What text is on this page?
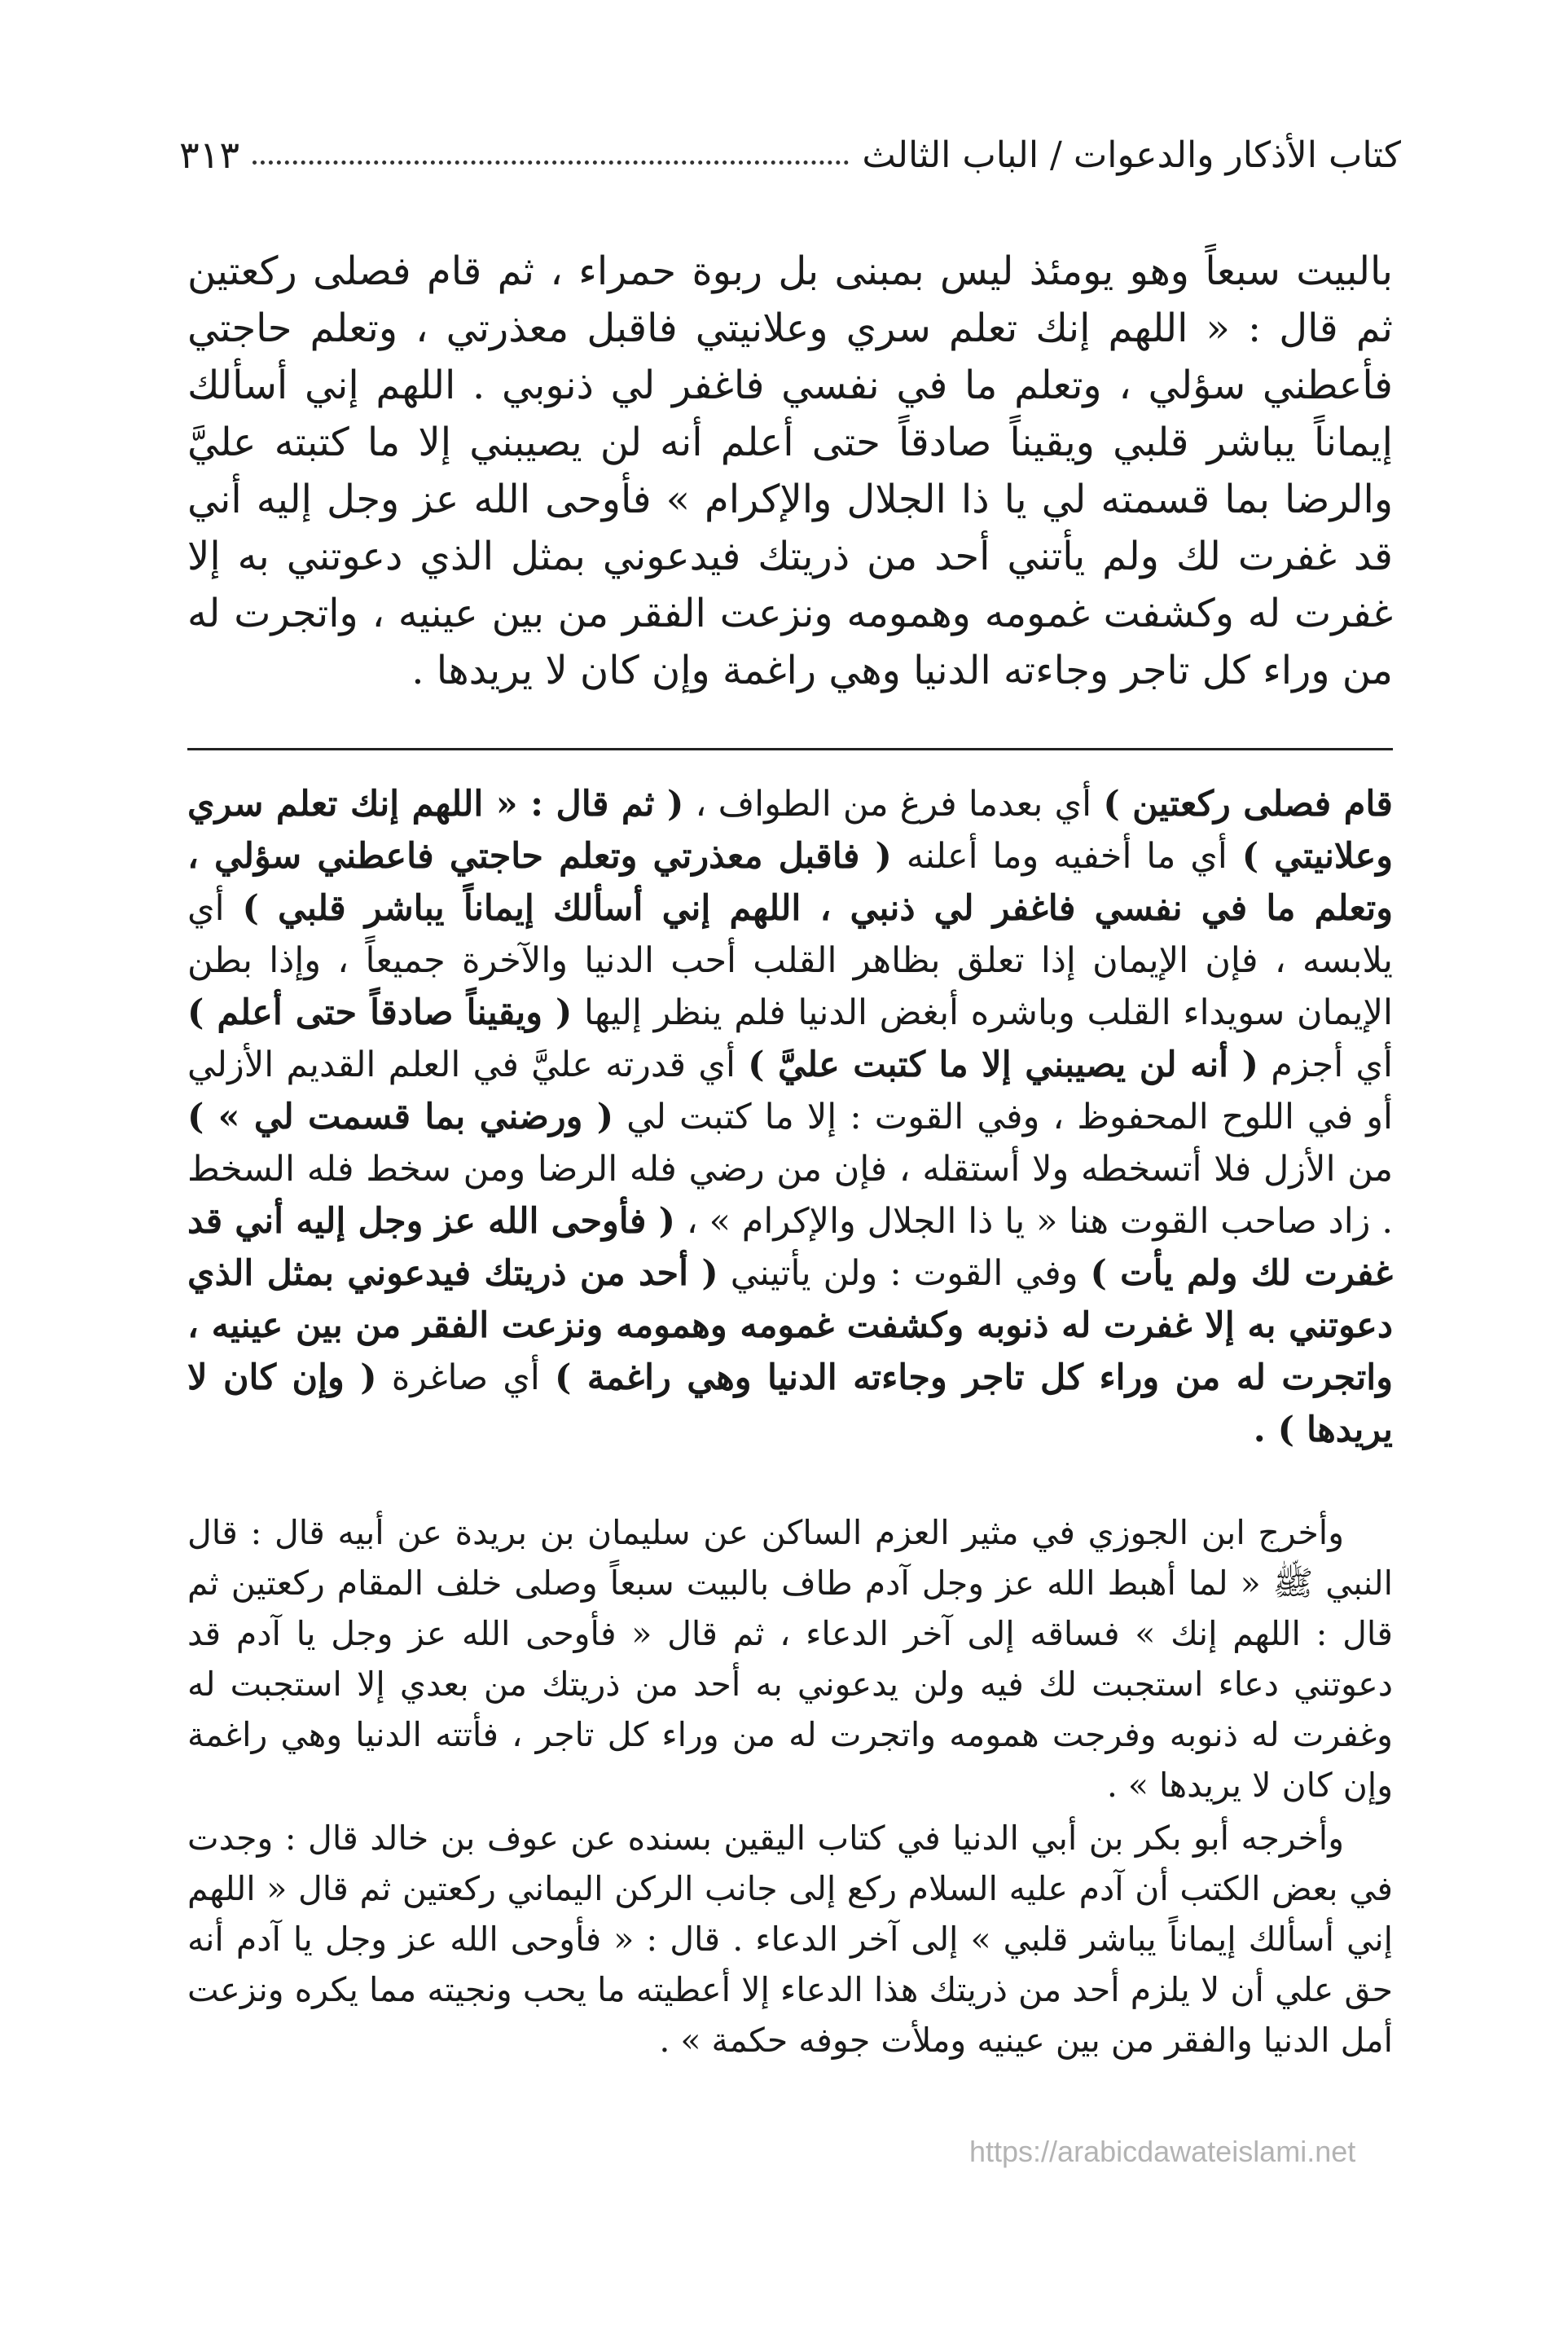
كتاب الأذكار والدعوات / الباب الثالث
٣١٣

بالبيت سبعاً وهو يومئذ ليس بمبنى بل ربوة حمراء ، ثم قام فصلى ركعتين ثم قال : « اللهم إنك تعلم سري وعلانيتي فاقبل معذرتي ، وتعلم حاجتي فأعطني سؤلي ، وتعلم ما في نفسي فاغفر لي ذنوبي . اللهم إني أسألك إيماناً يباشر قلبي ويقيناً صادقاً حتى أعلم أنه لن يصيبني إلا ما كتبته عليَّ والرضا بما قسمته لي يا ذا الجلال والإكرام » فأوحى الله عز وجل إليه أني قد غفرت لك ولم يأتني أحد من ذريتك فيدعوني بمثل الذي دعوتني به إلا غفرت له وكشفت غمومه وهمومه ونزعت الفقر من بين عينيه ، واتجرت له من وراء كل تاجر وجاءته الدنيا وهي راغمة وإن كان لا يريدها .

قام فصلى ركعتين ) أي بعدما فرغ من الطواف ، ( ثم قال : « اللهم إنك تعلم سري وعلانيتي ) أي ما أخفيه وما أعلنه ( فاقبل معذرتي وتعلم حاجتي فاعطني سؤلي ، وتعلم ما في نفسي فاغفر لي ذنبي ، اللهم إني أسألك إيماناً يباشر قلبي ) أي يلابسه ، فإن الإيمان إذا تعلق بظاهر القلب أحب الدنيا والآخرة جميعاً ، وإذا بطن الإيمان سويداء القلب وباشره أبغض الدنيا فلم ينظر إليها ( ويقيناً صادقاً حتى أعلم ) أي أجزم ( أنه لن يصيبني إلا ما كتبت عليَّ ) أي قدرته عليَّ في العلم القديم الأزلي أو في اللوح المحفوظ ، وفي القوت : إلا ما كتبت لي ( ورضني بما قسمت لي » ) من الأزل فلا أتسخطه ولا أستقله ، فإن من رضي فله الرضا ومن سخط فله السخط . زاد صاحب القوت هنا « يا ذا الجلال والإكرام » ، ( فأوحى الله عز وجل إليه أني قد غفرت لك ولم يأت ) وفي القوت : ولن يأتيني ( أحد من ذريتك فيدعوني بمثل الذي دعوتني به إلا غفرت له ذنوبه وكشفت غمومه وهمومه ونزعت الفقر من بين عينيه ، واتجرت له من وراء كل تاجر وجاءته الدنيا وهي راغمة ) أي صاغرة ( وإن كان لا يريدها ) .

وأخرج ابن الجوزي في مثير العزم الساكن عن سليمان بن بريدة عن أبيه قال : قال النبي ﷺ « لما أهبط الله عز وجل آدم طاف بالبيت سبعاً وصلى خلف المقام ركعتين ثم قال : اللهم إنك » فساقه إلى آخر الدعاء ، ثم قال « فأوحى الله عز وجل يا آدم قد دعوتني دعاء استجبت لك فيه ولن يدعوني به أحد من ذريتك من بعدي إلا استجبت له وغفرت له ذنوبه وفرجت همومه واتجرت له من وراء كل تاجر ، فأتته الدنيا وهي راغمة وإن كان لا يريدها » .

وأخرجه أبو بكر بن أبي الدنيا في كتاب اليقين بسنده عن عوف بن خالد قال : وجدت في بعض الكتب أن آدم عليه السلام ركع إلى جانب الركن اليماني ركعتين ثم قال « اللهم إني أسألك إيماناً يباشر قلبي » إلى آخر الدعاء . قال : « فأوحى الله عز وجل يا آدم أنه حق علي أن لا يلزم أحد من ذريتك هذا الدعاء إلا أعطيته ما يحب ونجيته مما يكره ونزعت أمل الدنيا والفقر من بين عينيه وملأت جوفه حكمة » .

https://arabicdawateislami.net
